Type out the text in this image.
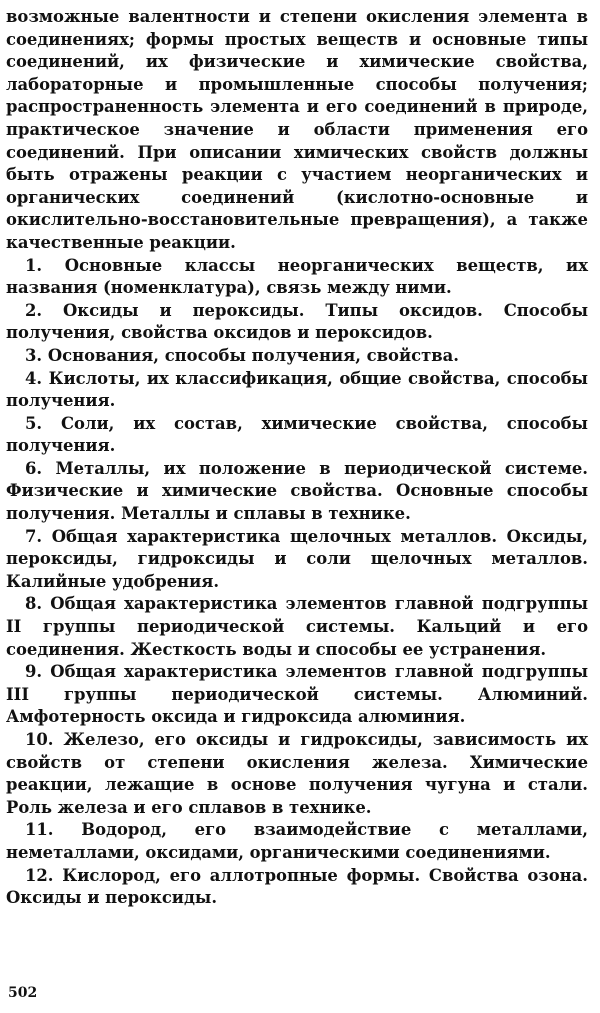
возможные валентности и степени окисления элемента в соединениях; формы простых веществ и основные типы соединений, их физические и химические свойства, лабораторные и промышленные способы получения; распространенность элемента и его соединений в природе, практическое значение и области применения его соединений. При описании химических свойств должны быть отражены реакции с участием неорганических и органических соединений (кислотно-основные и окислительно-восстановительные превращения), а также качественные реакции.

1. Основные классы неорганических веществ, их названия (номенклатура), связь между ними.

2. Оксиды и пероксиды. Типы оксидов. Способы получения, свойства оксидов и пероксидов.

3. Основания, способы получения, свойства.

4. Кислоты, их классификация, общие свойства, способы получения.

5. Соли, их состав, химические свойства, способы получения.

6. Металлы, их положение в периодической системе. Физические и химические свойства. Основные способы получения. Металлы и сплавы в технике.

7. Общая характеристика щелочных металлов. Оксиды, пероксиды, гидроксиды и соли щелочных металлов. Калийные удобрения.

8. Общая характеристика элементов главной подгруппы II группы периодической системы. Кальций и его соединения. Жесткость воды и способы ее устранения.

9. Общая характеристика элементов главной подгруппы III группы периодической системы. Алюминий. Амфотерность оксида и гидроксида алюминия.

10. Железо, его оксиды и гидроксиды, зависимость их свойств от степени окисления железа. Химические реакции, лежащие в основе получения чугуна и стали. Роль железа и его сплавов в технике.

11. Водород, его взаимодействие с металлами, неметаллами, оксидами, органическими соединениями.

12. Кислород, его аллотропные формы. Свойства озона. Оксиды и пероксиды.

502
